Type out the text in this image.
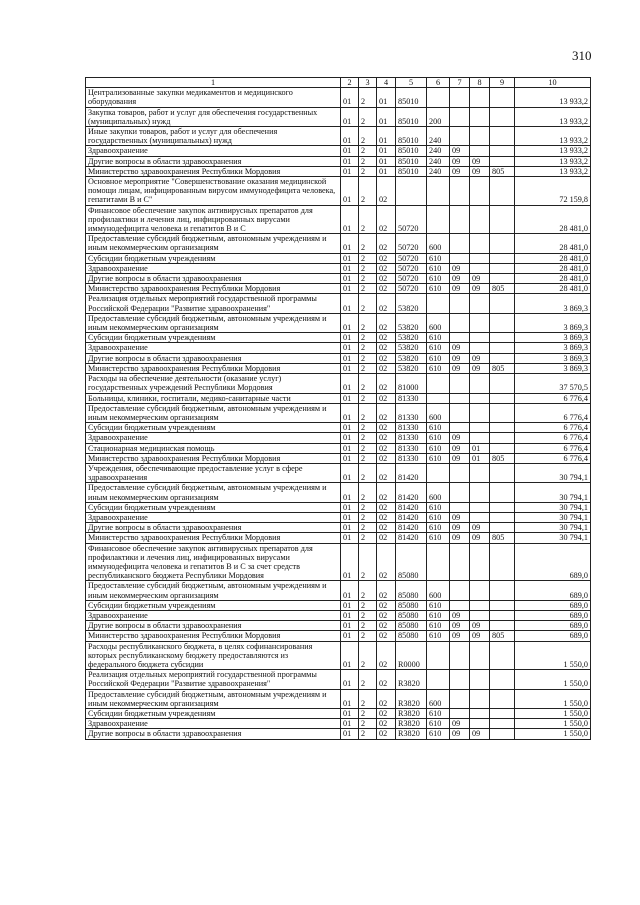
310
1	2	3	4	5	6	7	8	9	10
Централизованные закупки медикаментов и медицинского оборудования	01	2	01	85010					13 933,2
Закупка товаров, работ и услуг для обеспечения государственных (муниципальных) нужд	01	2	01	85010	200				13 933,2
Иные закупки товаров, работ и услуг для обеспечения государственных (муниципальных) нужд	01	2	01	85010	240				13 933,2
Здравоохранение	01	2	01	85010	240	09			13 933,2
Другие вопросы в области здравоохранения	01	2	01	85010	240	09	09		13 933,2
Министерство здравоохранения Республики Мордовия	01	2	01	85010	240	09	09	805	13 933,2
Основное мероприятие "Совершенствование оказания медицинской помощи лицам, инфицированным вирусом иммунодефицита человека, гепатитами В и С"	01	2	02						72 159,8
Финансовое обеспечение закупок антивирусных препаратов для профилактики и лечения лиц, инфицированных вирусами иммунодефицита человека и гепатитов В и С	01	2	02	50720					28 481,0
Предоставление субсидий бюджетным, автономным учреждениям и иным некоммерческим организациям	01	2	02	50720	600				28 481,0
Субсидии бюджетным учреждениям	01	2	02	50720	610				28 481,0
Здравоохранение	01	2	02	50720	610	09			28 481,0
Другие вопросы в области здравоохранения	01	2	02	50720	610	09	09		28 481,0
Министерство здравоохранения Республики Мордовия	01	2	02	50720	610	09	09	805	28 481,0
Реализация отдельных мероприятий государственной программы Российской Федерации "Развитие здравоохранения"	01	2	02	53820					3 869,3
Предоставление субсидий бюджетным, автономным учреждениям и иным некоммерческим организациям	01	2	02	53820	600				3 869,3
Субсидии бюджетным учреждениям	01	2	02	53820	610				3 869,3
Здравоохранение	01	2	02	53820	610	09			3 869,3
Другие вопросы в области здравоохранения	01	2	02	53820	610	09	09		3 869,3
Министерство здравоохранения Республики Мордовия	01	2	02	53820	610	09	09	805	3 869,3
Расходы на обеспечение деятельности (оказание услуг) государственных учреждений Республики Мордовия	01	2	02	81000					37 570,5
Больницы, клиники, госпитали, медико-санитарные части	01	2	02	81330					6 776,4
Предоставление субсидий бюджетным, автономным учреждениям и иным некоммерческим организациям	01	2	02	81330	600				6 776,4
Субсидии бюджетным учреждениям	01	2	02	81330	610				6 776,4
Здравоохранение	01	2	02	81330	610	09			6 776,4
Стационарная медицинская помощь	01	2	02	81330	610	09	01		6 776,4
Министерство здравоохранения Республики Мордовия	01	2	02	81330	610	09	01	805	6 776,4
Учреждения, обеспечивающие предоставление услуг в сфере здравоохранения	01	2	02	81420					30 794,1
Предоставление субсидий бюджетным, автономным учреждениям и иным некоммерческим организациям	01	2	02	81420	600				30 794,1
Субсидии бюджетным учреждениям	01	2	02	81420	610				30 794,1
Здравоохранение	01	2	02	81420	610	09			30 794,1
Другие вопросы в области здравоохранения	01	2	02	81420	610	09	09		30 794,1
Министерство здравоохранения Республики Мордовия	01	2	02	81420	610	09	09	805	30 794,1
Финансовое обеспечение закупок антивирусных препаратов для профилактики и лечения лиц, инфицированных вирусами иммунодефицита человека и гепатитов В и С за счет средств республиканского бюджета Республики Мордовия	01	2	02	85080					689,0
Предоставление субсидий бюджетным, автономным учреждениям и иным некоммерческим организациям	01	2	02	85080	600				689,0
Субсидии бюджетным учреждениям	01	2	02	85080	610				689,0
Здравоохранение	01	2	02	85080	610	09			689,0
Другие вопросы в области здравоохранения	01	2	02	85080	610	09	09		689,0
Министерство здравоохранения Республики Мордовия	01	2	02	85080	610	09	09	805	689,0
Расходы республиканского бюджета, в целях софинансирования которых республиканскому бюджету предоставляются из федерального бюджета субсидии	01	2	02	R0000					1 550,0
Реализация отдельных мероприятий государственной программы Российской Федерации "Развитие здравоохранения"	01	2	02	R3820					1 550,0
Предоставление субсидий бюджетным, автономным учреждениям и иным некоммерческим организациям	01	2	02	R3820	600				1 550,0
Субсидии бюджетным учреждениям	01	2	02	R3820	610				1 550,0
Здравоохранение	01	2	02	R3820	610	09			1 550,0
Другие вопросы в области здравоохранения	01	2	02	R3820	610	09	09		1 550,0
